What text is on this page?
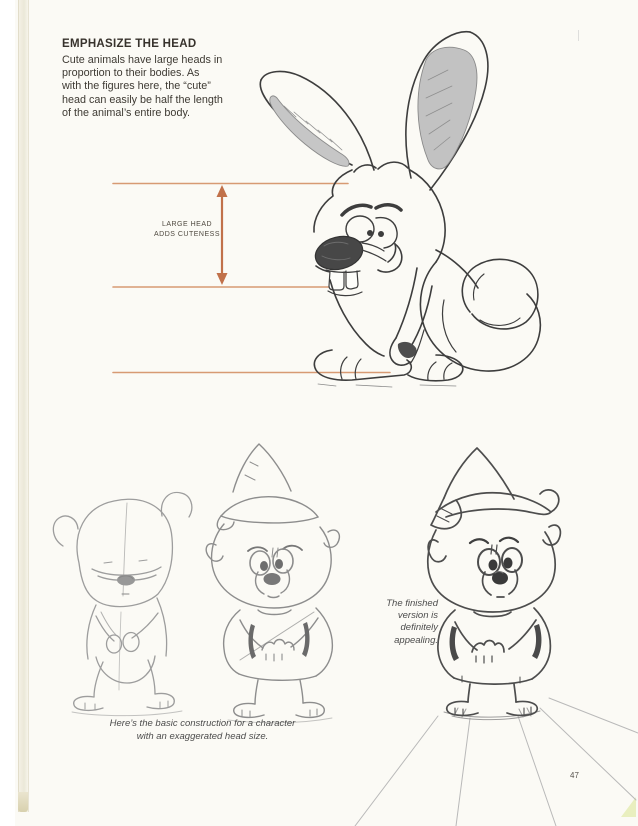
EMPHASIZE THE HEAD

Cute animals have large heads in

proportion to their bodies. As

with the figures here, the “cute”

head can easily be half the length

of the animal’s entire body.

LARGE HEAD
ADDS CUTENESS
Here’s the basic construction for a character
with an exaggerated head size.
The finished
version is
definitely
appealing.
47
